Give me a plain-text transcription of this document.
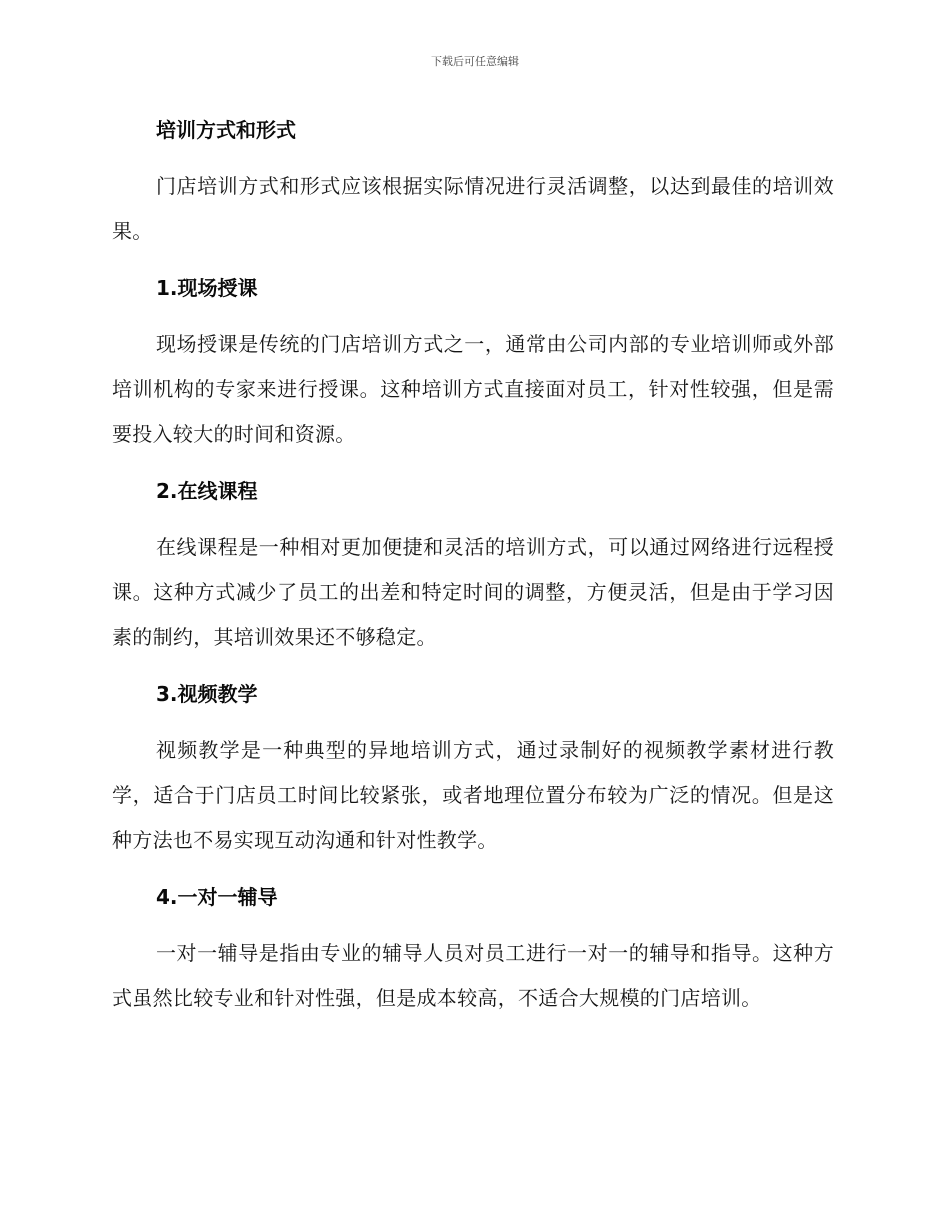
下载后可任意编辑
培训方式和形式

门店培训方式和形式应该根据实际情况进行灵活调整，以达到最佳的培训效果。

1.现场授课

现场授课是传统的门店培训方式之一，通常由公司内部的专业培训师或外部培训机构的专家来进行授课。这种培训方式直接面对员工，针对性较强，但是需要投入较大的时间和资源。

2.在线课程

在线课程是一种相对更加便捷和灵活的培训方式，可以通过网络进行远程授课。这种方式减少了员工的出差和特定时间的调整，方便灵活，但是由于学习因素的制约，其培训效果还不够稳定。

3.视频教学

视频教学是一种典型的异地培训方式，通过录制好的视频教学素材进行教学，适合于门店员工时间比较紧张，或者地理位置分布较为广泛的情况。但是这种方法也不易实现互动沟通和针对性教学。

4.一对一辅导

一对一辅导是指由专业的辅导人员对员工进行一对一的辅导和指导。这种方式虽然比较专业和针对性强，但是成本较高，不适合大规模的门店培训。
